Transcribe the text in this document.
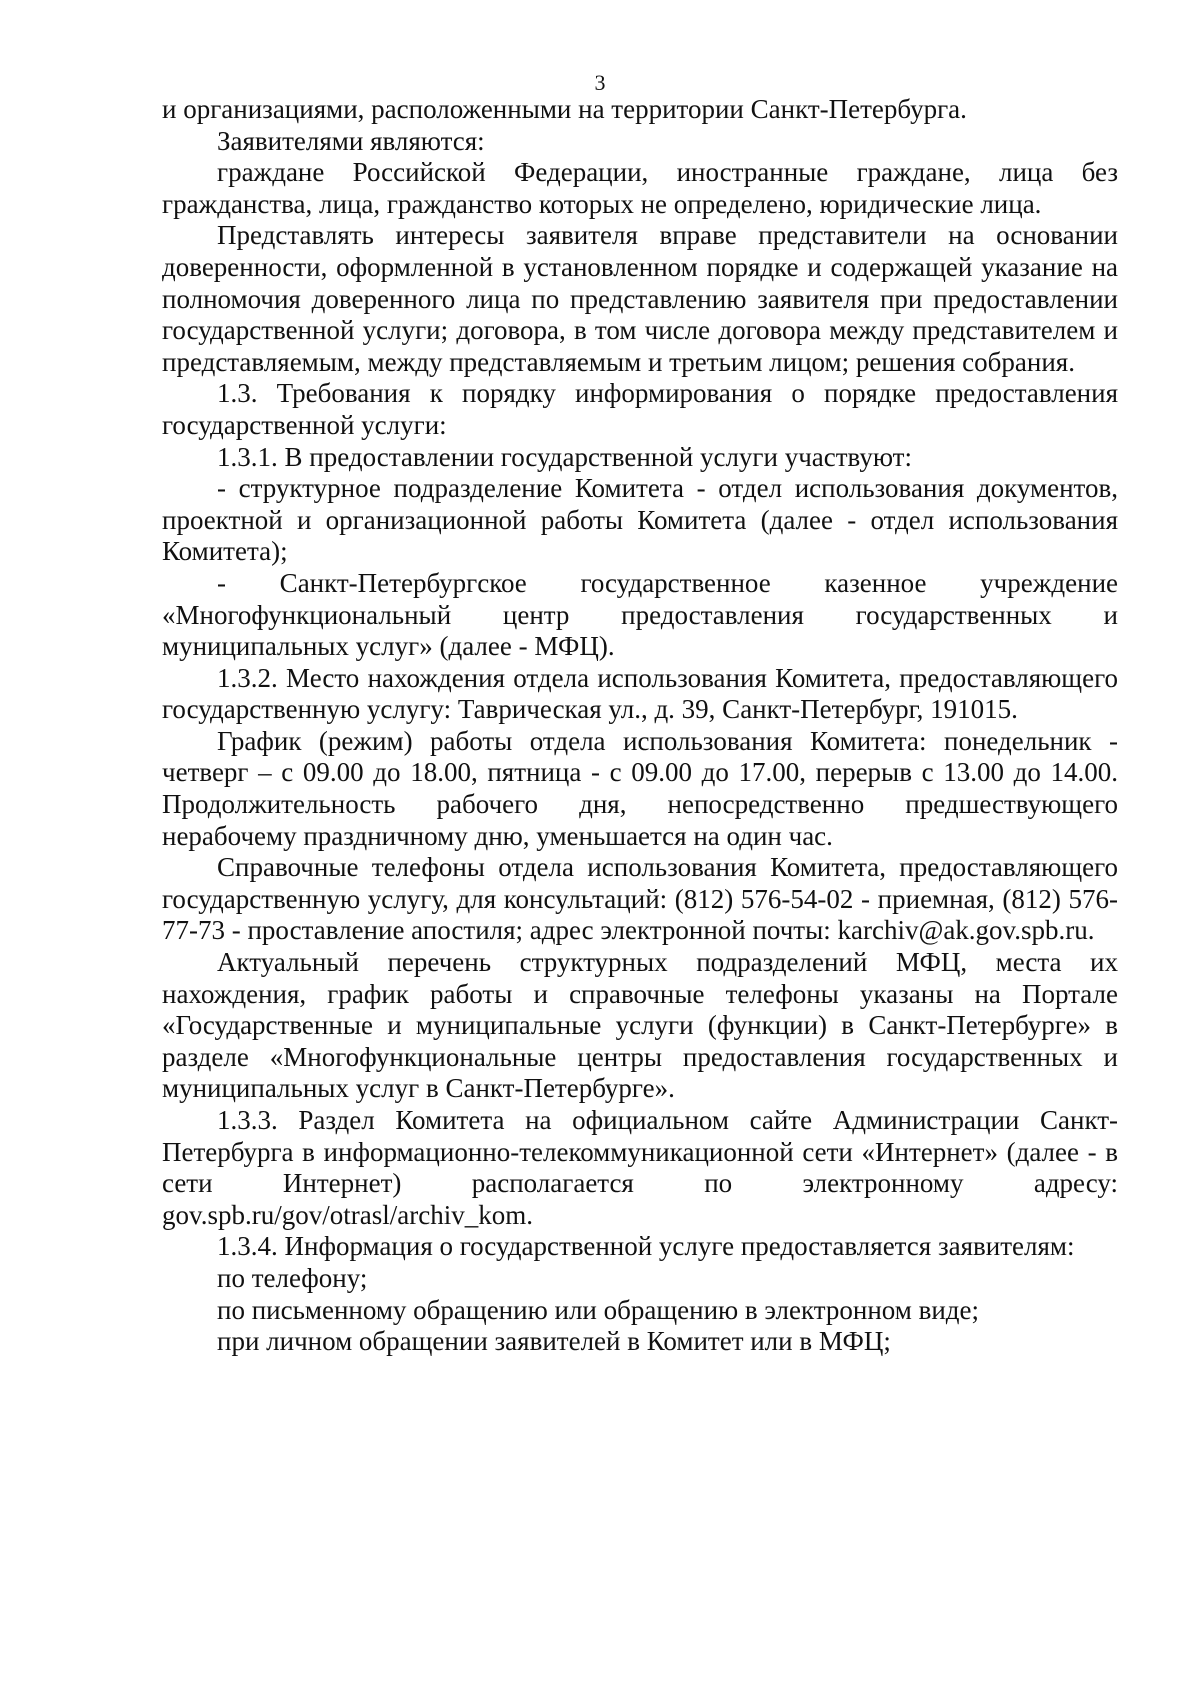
3

и организациями, расположенными на территории Санкт-Петербурга.

Заявителями являются:

граждане Российской Федерации, иностранные граждане, лица без гражданства, лица, гражданство которых не определено, юридические лица.

Представлять интересы заявителя вправе представители на основании доверенности, оформленной в установленном порядке и содержащей указание на полномочия доверенного лица по представлению заявителя при предоставлении государственной услуги; договора, в том числе договора между представителем и представляемым, между представляемым и третьим лицом; решения собрания.

1.3. Требования к порядку информирования о порядке предоставления государственной услуги:

1.3.1. В предоставлении государственной услуги участвуют:

- структурное подразделение Комитета - отдел использования документов, проектной и организационной работы Комитета (далее - отдел использования Комитета);

- Санкт-Петербургское государственное казенное учреждение «Многофункциональный центр предоставления государственных и муниципальных услуг» (далее - МФЦ).

1.3.2. Место нахождения отдела использования Комитета, предоставляющего государственную услугу: Таврическая ул., д. 39, Санкт-Петербург, 191015.

График (режим) работы отдела использования Комитета: понедельник - четверг – с 09.00 до 18.00, пятница - с 09.00 до 17.00, перерыв с 13.00 до 14.00. Продолжительность рабочего дня, непосредственно предшествующего нерабочему праздничному дню, уменьшается на один час.

Справочные телефоны отдела использования Комитета, предоставляющего государственную услугу, для консультаций: (812) 576-54-02 - приемная, (812) 576-77-73 - проставление апостиля; адрес электронной почты: karchiv@ak.gov.spb.ru.

Актуальный перечень структурных подразделений МФЦ, места их нахождения, график работы и справочные телефоны указаны на Портале «Государственные и муниципальные услуги (функции) в Санкт-Петербурге» в разделе «Многофункциональные центры предоставления государственных и муниципальных услуг в Санкт-Петербурге».

1.3.3. Раздел Комитета на официальном сайте Администрации Санкт-Петербурга в информационно-телекоммуникационной сети «Интернет» (далее - в сети Интернет) располагается по электронному адресу: gov.spb.ru/gov/otrasl/archiv_kom.

1.3.4. Информация о государственной услуге предоставляется заявителям:

по телефону;

по письменному обращению или обращению в электронном виде;

при личном обращении заявителей в Комитет или в МФЦ;
